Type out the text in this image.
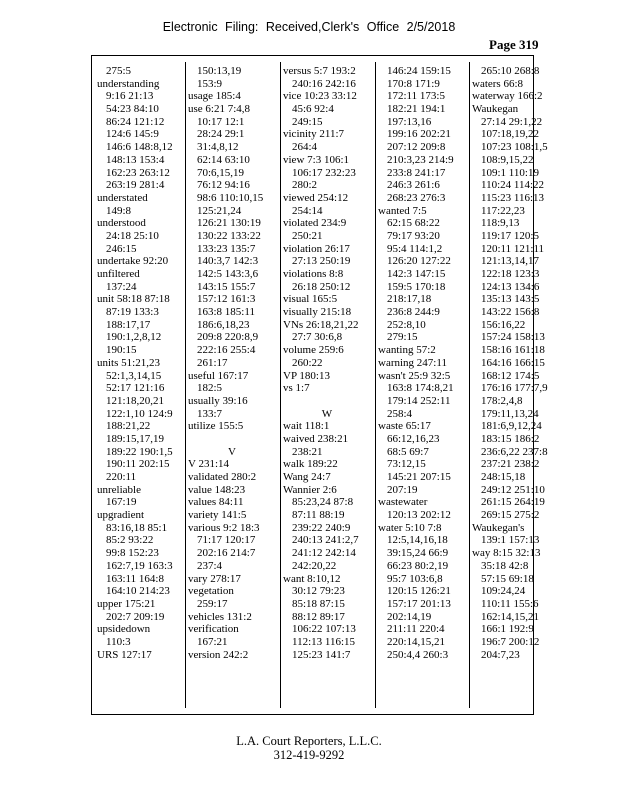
Electronic Filing: Received,Clerk's Office 2/5/2018
Page 319
275:5
understanding
9:16 21:13
54:23 84:10
86:24 121:12
124:6 145:9
146:6 148:8,12
148:13 153:4
162:23 263:12
263:19 281:4
understated
149:8
understood
24:18 25:10
246:15
undertake 92:20
unfiltered
137:24
unit 58:18 87:18
87:19 133:3
188:17,17
190:1,2,8,12
190:15
units 51:21,23
52:1,3,14,15
52:17 121:16
121:18,20,21
122:1,10 124:9
188:21,22
189:15,17,19
189:22 190:1,5
190:11 202:15
220:11
unreliable
167:19
upgradient
83:16,18 85:1
85:2 93:22
99:8 152:23
162:7,19 163:3
163:11 164:8
164:10 214:23
upper 175:21
202:7 209:19
upsidedown
110:3
URS 127:17
150:13,19
153:9
usage 185:4
use 6:21 7:4,8
10:17 12:1
28:24 29:1
31:4,8,12
62:14 63:10
70:6,15,19
76:12 94:16
98:6 110:10,15
125:21,24
126:21 130:19
130:22 133:22
133:23 135:7
140:3,7 142:3
142:5 143:3,6
143:15 155:7
157:12 161:3
163:8 185:11
186:6,18,23
209:8 220:8,9
222:16 255:4
261:17
useful 167:17
182:5
usually 39:16
133:7
utilize 155:5
V
V 231:14
validated 280:2
value 148:23
values 84:11
variety 141:5
various 9:2 18:3
71:17 120:17
202:16 214:7
237:4
vary 278:17
vegetation
259:17
vehicles 131:2
verification
167:21
version 242:2
versus 5:7 193:2
240:16 242:16
vice 10:23 33:12
45:6 92:4
249:15
vicinity 211:7
264:4
view 7:3 106:1
106:17 232:23
280:2
viewed 254:12
254:14
violated 234:9
250:21
violation 26:17
27:13 250:19
violations 8:8
26:18 250:12
visual 165:5
visually 215:18
VNs 26:18,21,22
27:7 30:6,8
volume 259:6
260:22
VP 180:13
vs 1:7
W
wait 118:1
waived 238:21
238:21
walk 189:22
Wang 24:7
Wannier 2:6
85:23,24 87:8
87:11 88:19
239:22 240:9
240:13 241:2,7
241:12 242:14
242:20,22
want 8:10,12
30:12 79:23
85:18 87:15
88:12 89:17
106:22 107:13
112:13 116:15
125:23 141:7
146:24 159:15
170:8 171:9
172:11 173:5
182:21 194:1
197:13,16
199:16 202:21
207:12 209:8
210:3,23 214:9
233:8 241:17
246:3 261:6
268:23 276:3
wanted 7:5
62:15 68:22
79:17 93:20
95:4 114:1,2
126:20 127:22
142:3 147:15
159:5 170:18
218:17,18
236:8 244:9
252:8,10
279:15
wanting 57:2
warning 247:11
wasn't 25:9 32:5
163:8 174:8,21
179:14 252:11
258:4
waste 65:17
66:12,16,23
68:5 69:7
73:12,15
145:21 207:15
207:19
wastewater
120:13 202:12
water 5:10 7:8
12:5,14,16,18
39:15,24 66:9
66:23 80:2,19
95:7 103:6,8
120:15 126:21
157:17 201:13
202:14,19
211:11 220:4
220:14,15,21
250:4,4 260:3
265:10 268:8
waters 66:8
waterway 166:2
Waukegan
27:14 29:1,22
107:18,19,22
107:23 108:1,5
108:9,15,22
109:1 110:19
110:24 114:22
115:23 116:13
117:22,23
118:9,13
119:17 120:5
120:11 121:11
121:13,14,17
122:18 123:3
124:13 134:6
135:13 143:5
143:22 156:8
156:16,22
157:24 158:13
158:16 161:18
164:16 166:15
168:12 174:5
176:16 177:7,9
178:2,4,8
179:11,13,24
181:6,9,12,24
183:15 186:2
236:6,22 237:8
237:21 238:2
248:15,18
249:12 251:10
261:15 264:19
269:15 275:2
Waukegan's
139:1 157:13
way 8:15 32:13
35:18 42:8
57:15 69:18
109:24,24
110:11 155:6
162:14,15,21
166:1 192:9
196:7 200:12
204:7,23
L.A. Court Reporters, L.L.C.
312-419-9292
